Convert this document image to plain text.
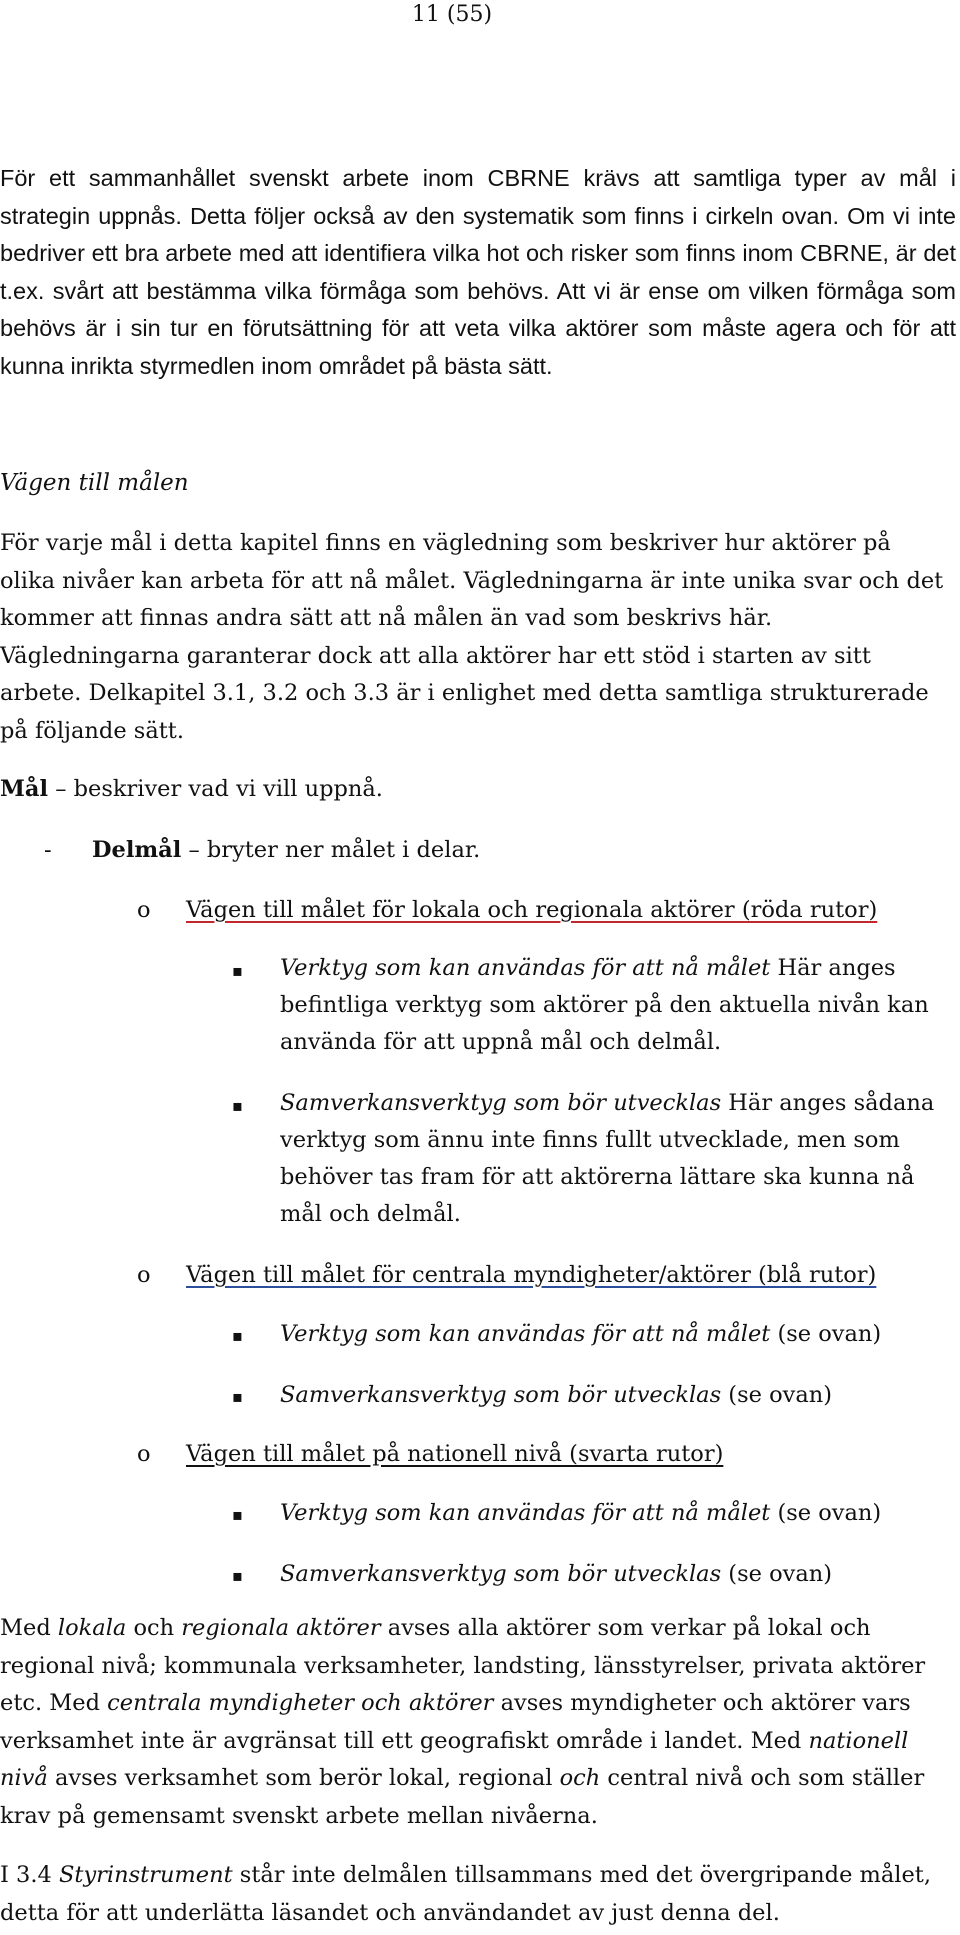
11 (55)

För ett sammanhållet svenskt arbete inom CBRNE krävs att samtliga typer av mål i strategin uppnås. Detta följer också av den systematik som finns i cirkeln ovan. Om vi inte bedriver ett bra arbete med att identifiera vilka hot och risker som finns inom CBRNE, är det t.ex. svårt att bestämma vilka förmåga som behövs. Att vi är ense om vilken förmåga som behövs är i sin tur en förutsättning för att veta vilka aktörer som måste agera och för att kunna inrikta styrmedlen inom området på bästa sätt.

Vägen till målen

För varje mål i detta kapitel finns en vägledning som beskriver hur aktörer på olika nivåer kan arbeta för att nå målet. Vägledningarna är inte unika svar och det kommer att finnas andra sätt att nå målen än vad som beskrivs här. Vägledningarna garanterar dock att alla aktörer har ett stöd i starten av sitt arbete. Delkapitel 3.1, 3.2 och 3.3 är i enlighet med detta samtliga strukturerade på följande sätt.

Mål – beskriver vad vi vill uppnå.
- Delmål – bryter ner målet i delar.
o Vägen till målet för lokala och regionala aktörer (röda rutor)
▪ Verktyg som kan användas för att nå målet Här anges befintliga verktyg som aktörer på den aktuella nivån kan använda för att uppnå mål och delmål.

▪ Samverkansverktyg som bör utvecklas Här anges sådana verktyg som ännu inte finns fullt utvecklade, men som behöver tas fram för att aktörerna lättare ska kunna nå mål och delmål.

o Vägen till målet för centrala myndigheter/aktörer (blå rutor)
▪ Verktyg som kan användas för att nå målet (se ovan)
▪ Samverkansverktyg som bör utvecklas (se ovan)
o Vägen till målet på nationell nivå (svarta rutor)
▪ Verktyg som kan användas för att nå målet (se ovan)
▪ Samverkansverktyg som bör utvecklas (se ovan)

Med lokala och regionala aktörer avses alla aktörer som verkar på lokal och regional nivå; kommunala verksamheter, landsting, länsstyrelser, privata aktörer etc. Med centrala myndigheter och aktörer avses myndigheter och aktörer vars verksamhet inte är avgränsat till ett geografiskt område i landet. Med nationell nivå avses verksamhet som berör lokal, regional och central nivå och som ställer krav på gemensamt svenskt arbete mellan nivåerna.

I 3.4 Styrinstrument står inte delmålen tillsammans med det övergripande målet, detta för att underlätta läsandet och användandet av just denna del.
